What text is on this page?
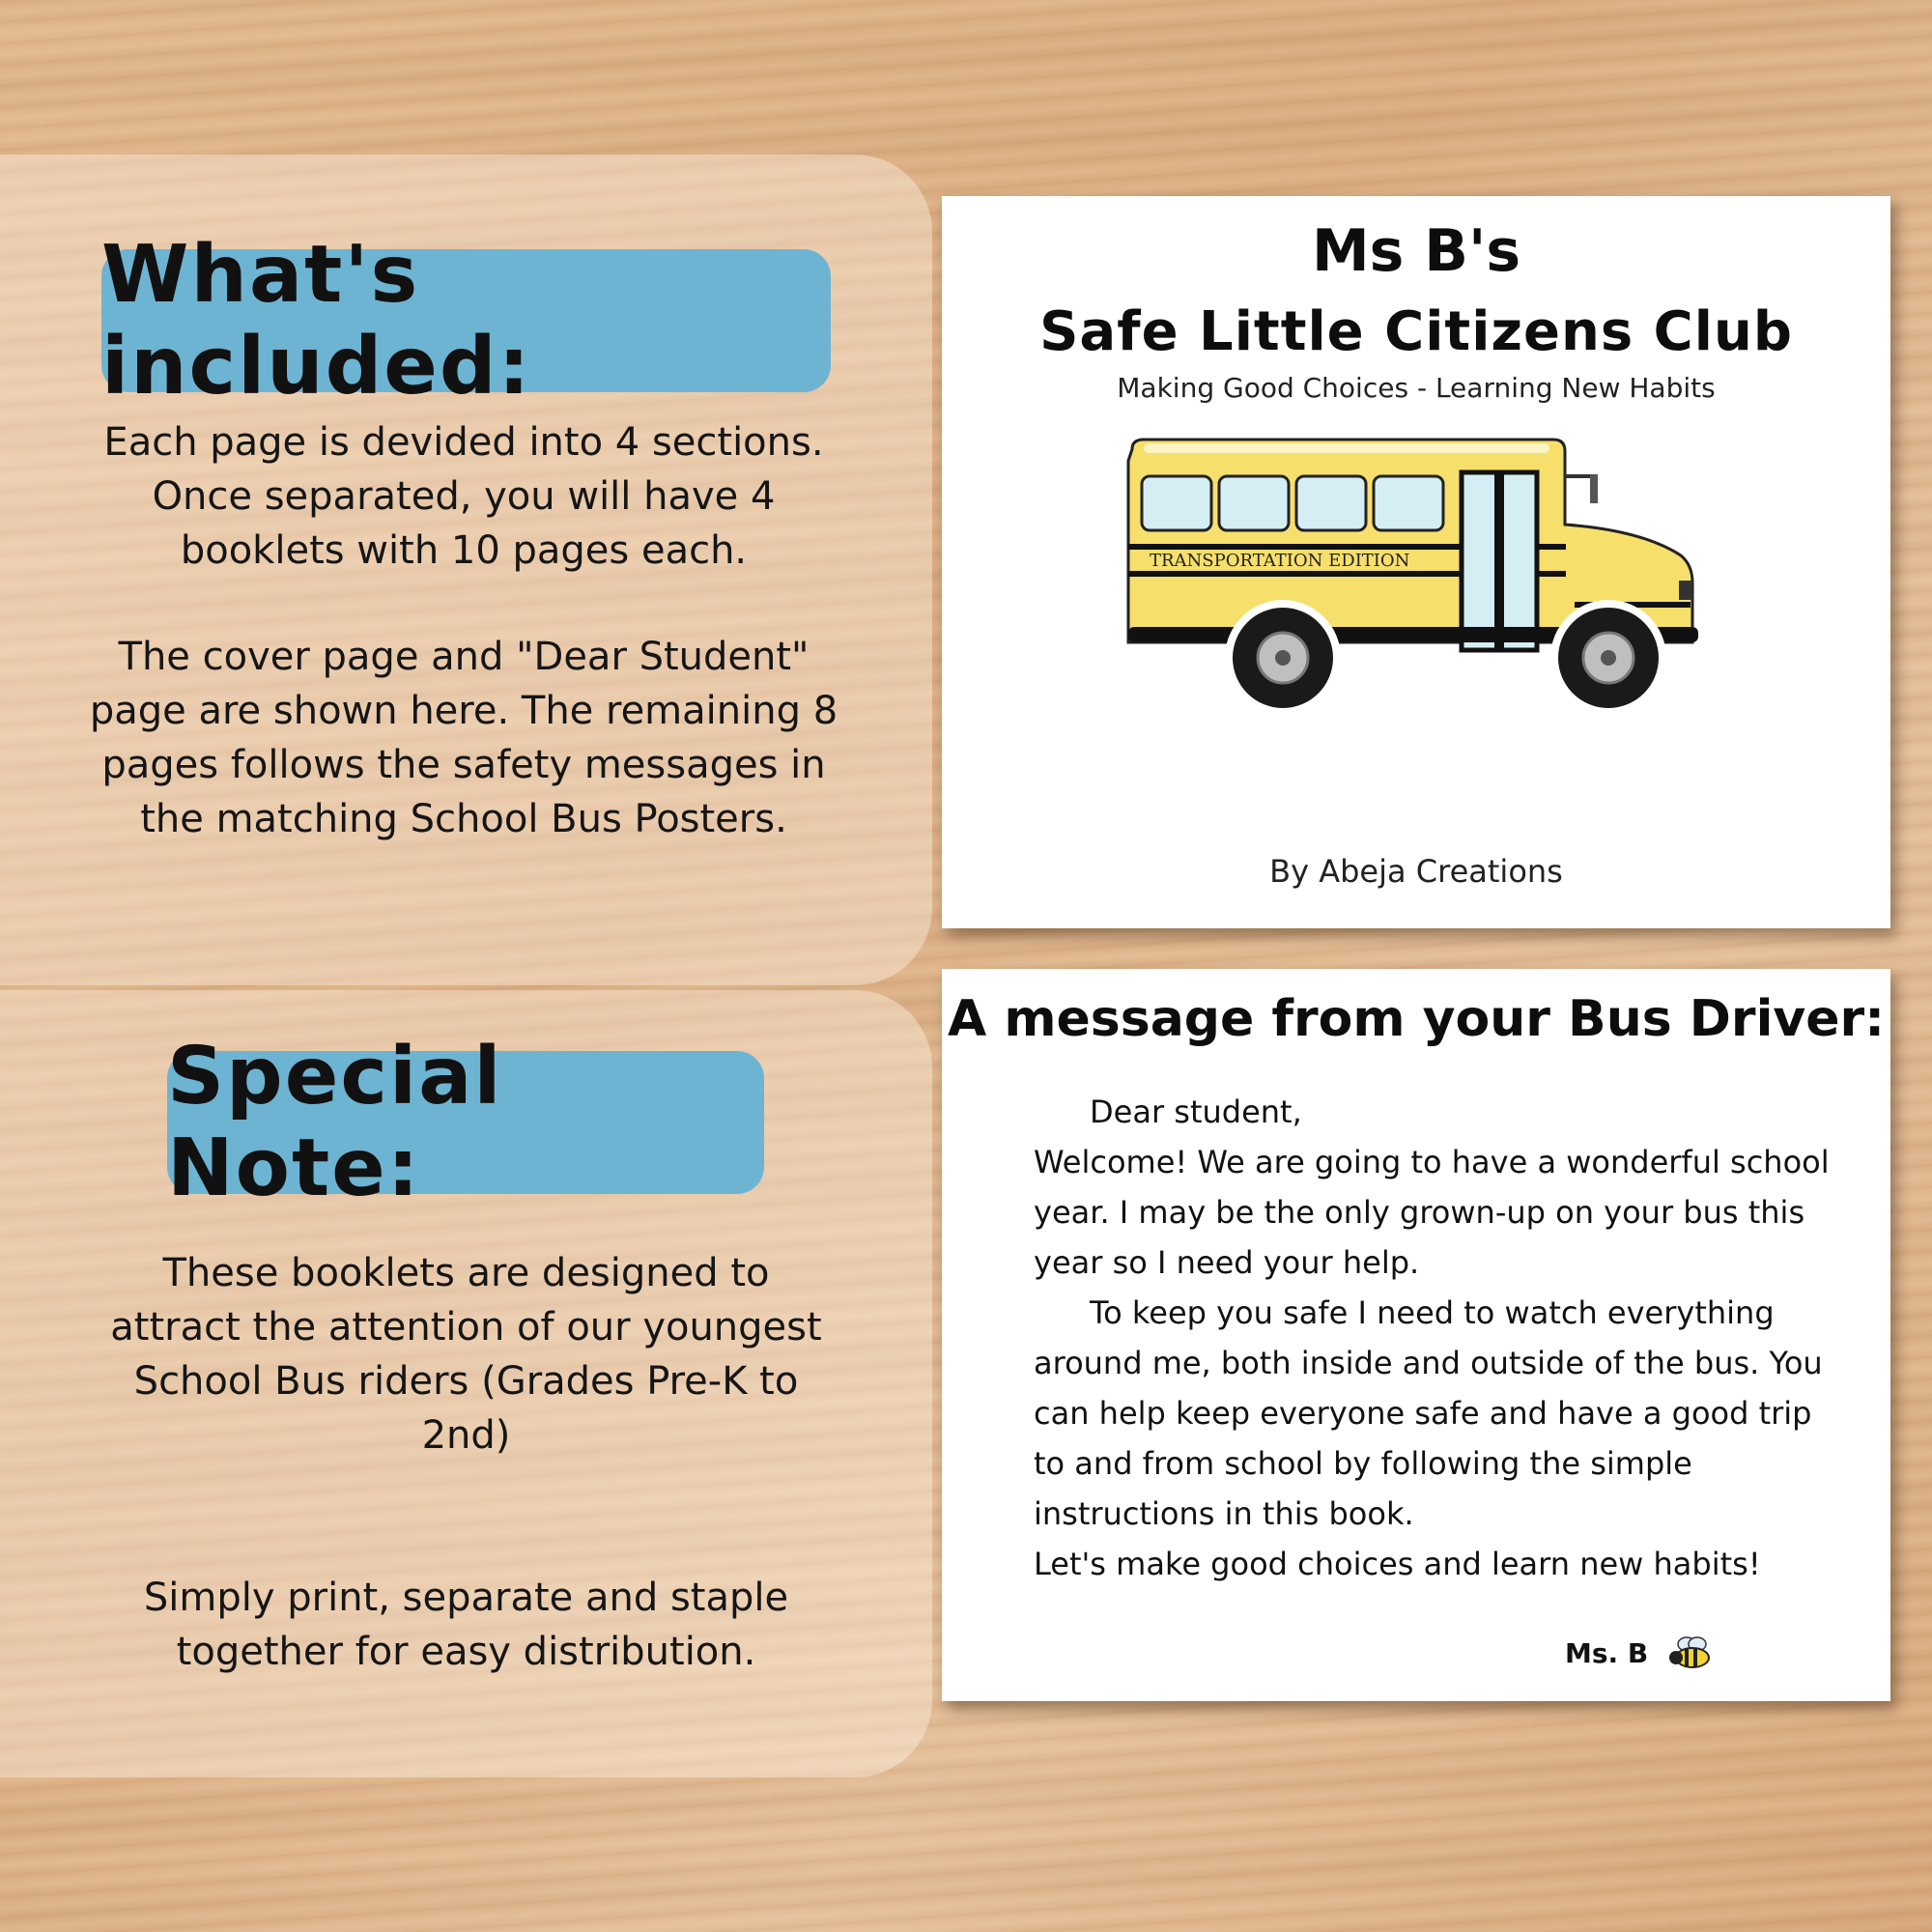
What's included:
Each page is devided into 4 sections. Once separated, you will have 4 booklets with 10 pages each.
The cover page and "Dear Student" page are shown here. The remaining 8 pages follows the safety messages in the matching School Bus Posters.
Special Note:
These booklets are designed to attract the attention of our youngest School Bus riders (Grades Pre-K to 2nd)
Simply print, separate and staple together for easy distribution.
Ms B's
Safe Little Citizens Club
Making Good Choices - Learning New Habits
TRANSPORTATION EDITION
By Abeja Creations
A message from your Bus Driver:

Dear student,

Welcome! We are going to have a wonderful school year. I may be the only grown-up on your bus this year so I need your help.

To keep you safe I need to watch everything around me, both inside and outside of the bus. You can help keep everyone safe and have a good trip to and from school by following the simple instructions in this book.

Let's make good choices and learn new habits!

Ms. B
